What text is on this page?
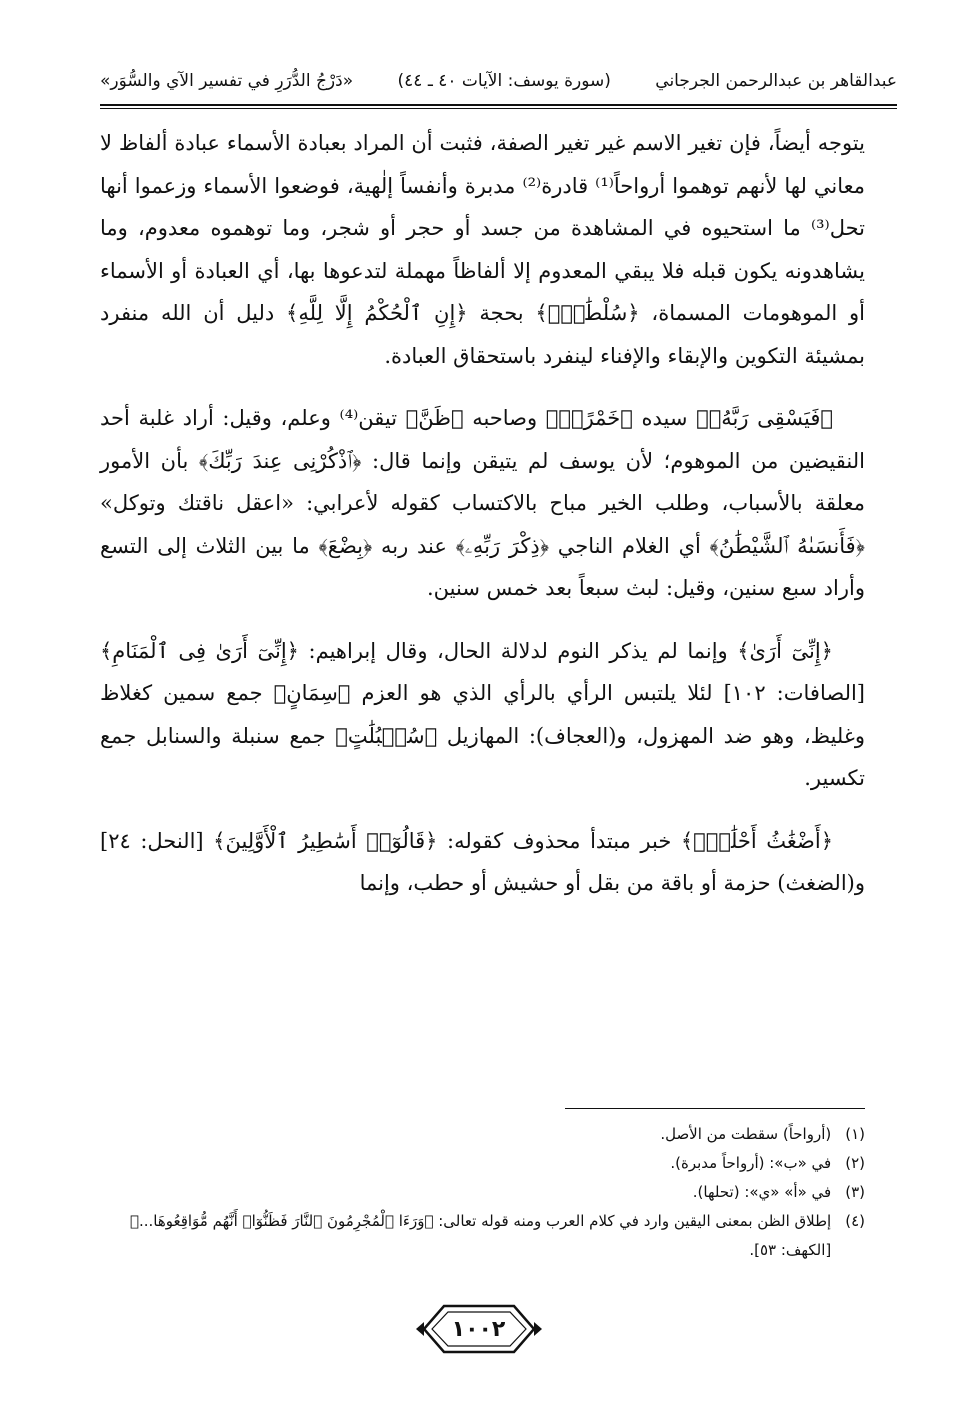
عبدالقاهر بن عبدالرحمن الجرجاني
(سورة يوسف: الآيات ٤٠ ـ ٤٤)
«دَرْجُ الدُّرَرِ في تفسير الآي والسُّوَر»

يتوجه أيضاً، فإن تغير الاسم غير تغير الصفة، فثبت أن المراد بعبادة الأسماء عبادة ألفاظ لا معاني لها لأنهم توهموا أرواحاً⁽¹⁾ قادرة⁽²⁾ مدبرة وأنفساً إلٰهية، فوضعوا الأسماء وزعموا أنها تحل⁽³⁾ ما استحيوه في المشاهدة من جسد أو حجر أو شجر، وما توهموه معدوم، وما يشاهدونه يكون قبله فلا يبقي المعدوم إلا ألفاظاً مهملة لتدعوها بها، أي العبادة أو الأسماء أو الموهومات المسماة، ﴿سُلْطَٰنٍۚ﴾ بحجة ﴿إِنِ ٱلْحُكْمُ إِلَّا لِلَّهِ﴾ دليل أن الله منفرد بمشيئة التكوين والإبقاء والإفناء لينفرد باستحقاق العبادة.

﴿فَيَسْقِى رَبَّهُۥ﴾ سيده ﴿خَمْرًاۖ﴾ وصاحبه ﴿ظَنَّ﴾ تيقن⁽⁴⁾ وعلم، وقيل: أراد غلبة أحد النقيضين من الموهوم؛ لأن يوسف لم يتيقن وإنما قال: ﴿ٱذْكُرْنِى عِندَ رَبِّكَ﴾ بأن الأمور معلقة بالأسباب، وطلب الخير مباح بالاكتساب كقوله لأعرابي: «اعقل ناقتك وتوكل» ﴿فَأَنسَىٰهُ ٱلشَّيْطَٰنُ﴾ أي الغلام الناجي ﴿ذِكْرَ رَبِّهِۦ﴾ عند ربه ﴿بِضْعَ﴾ ما بين الثلاث إلى التسع وأراد سبع سنين، وقيل: لبث سبعاً بعد خمس سنين.

﴿إِنِّىٓ أَرَىٰ﴾ وإنما لم يذكر النوم لدلالة الحال، وقال إبراهيم: ﴿إِنِّىٓ أَرَىٰ فِى ٱلْمَنَامِ﴾ [الصافات: ١٠٢] لئلا يلتبس الرأي بالرأي الذي هو العزم ﴿سِمَانٍ﴾ جمع سمين كغلاظ وغليظ، وهو ضد المهزول، و(العجاف): المهازيل ﴿سُنۢبُلَٰتٍ﴾ جمع سنبلة والسنابل جمع تكسير.

﴿أَضْغَٰثُ أَحْلَٰمٍۖ﴾ خبر مبتدأ محذوف كقوله: ﴿قَالُوٓا۟ أَسَٰطِيرُ ٱلْأَوَّلِينَ﴾ [النحل: ٢٤] و(الضغث) حزمة أو باقة من بقل أو حشيش أو حطب، وإنما

(١)
(أرواحاً) سقطت من الأصل.
(٢)
في «ب»: (أرواحاً مدبرة).
(٣)
في «أ» «ي»: (تحلها).
(٤)
إطلاق الظن بمعنى اليقين وارد في كلام العرب ومنه قوله تعالى: ﴿وَرَءَا ٱلْمُجْرِمُونَ ٱلنَّارَ فَظَنُّوٓا۟ أَنَّهُم مُّوَاقِعُوهَا...﴾ [الكهف: ٥٣].
١٠٠٢
